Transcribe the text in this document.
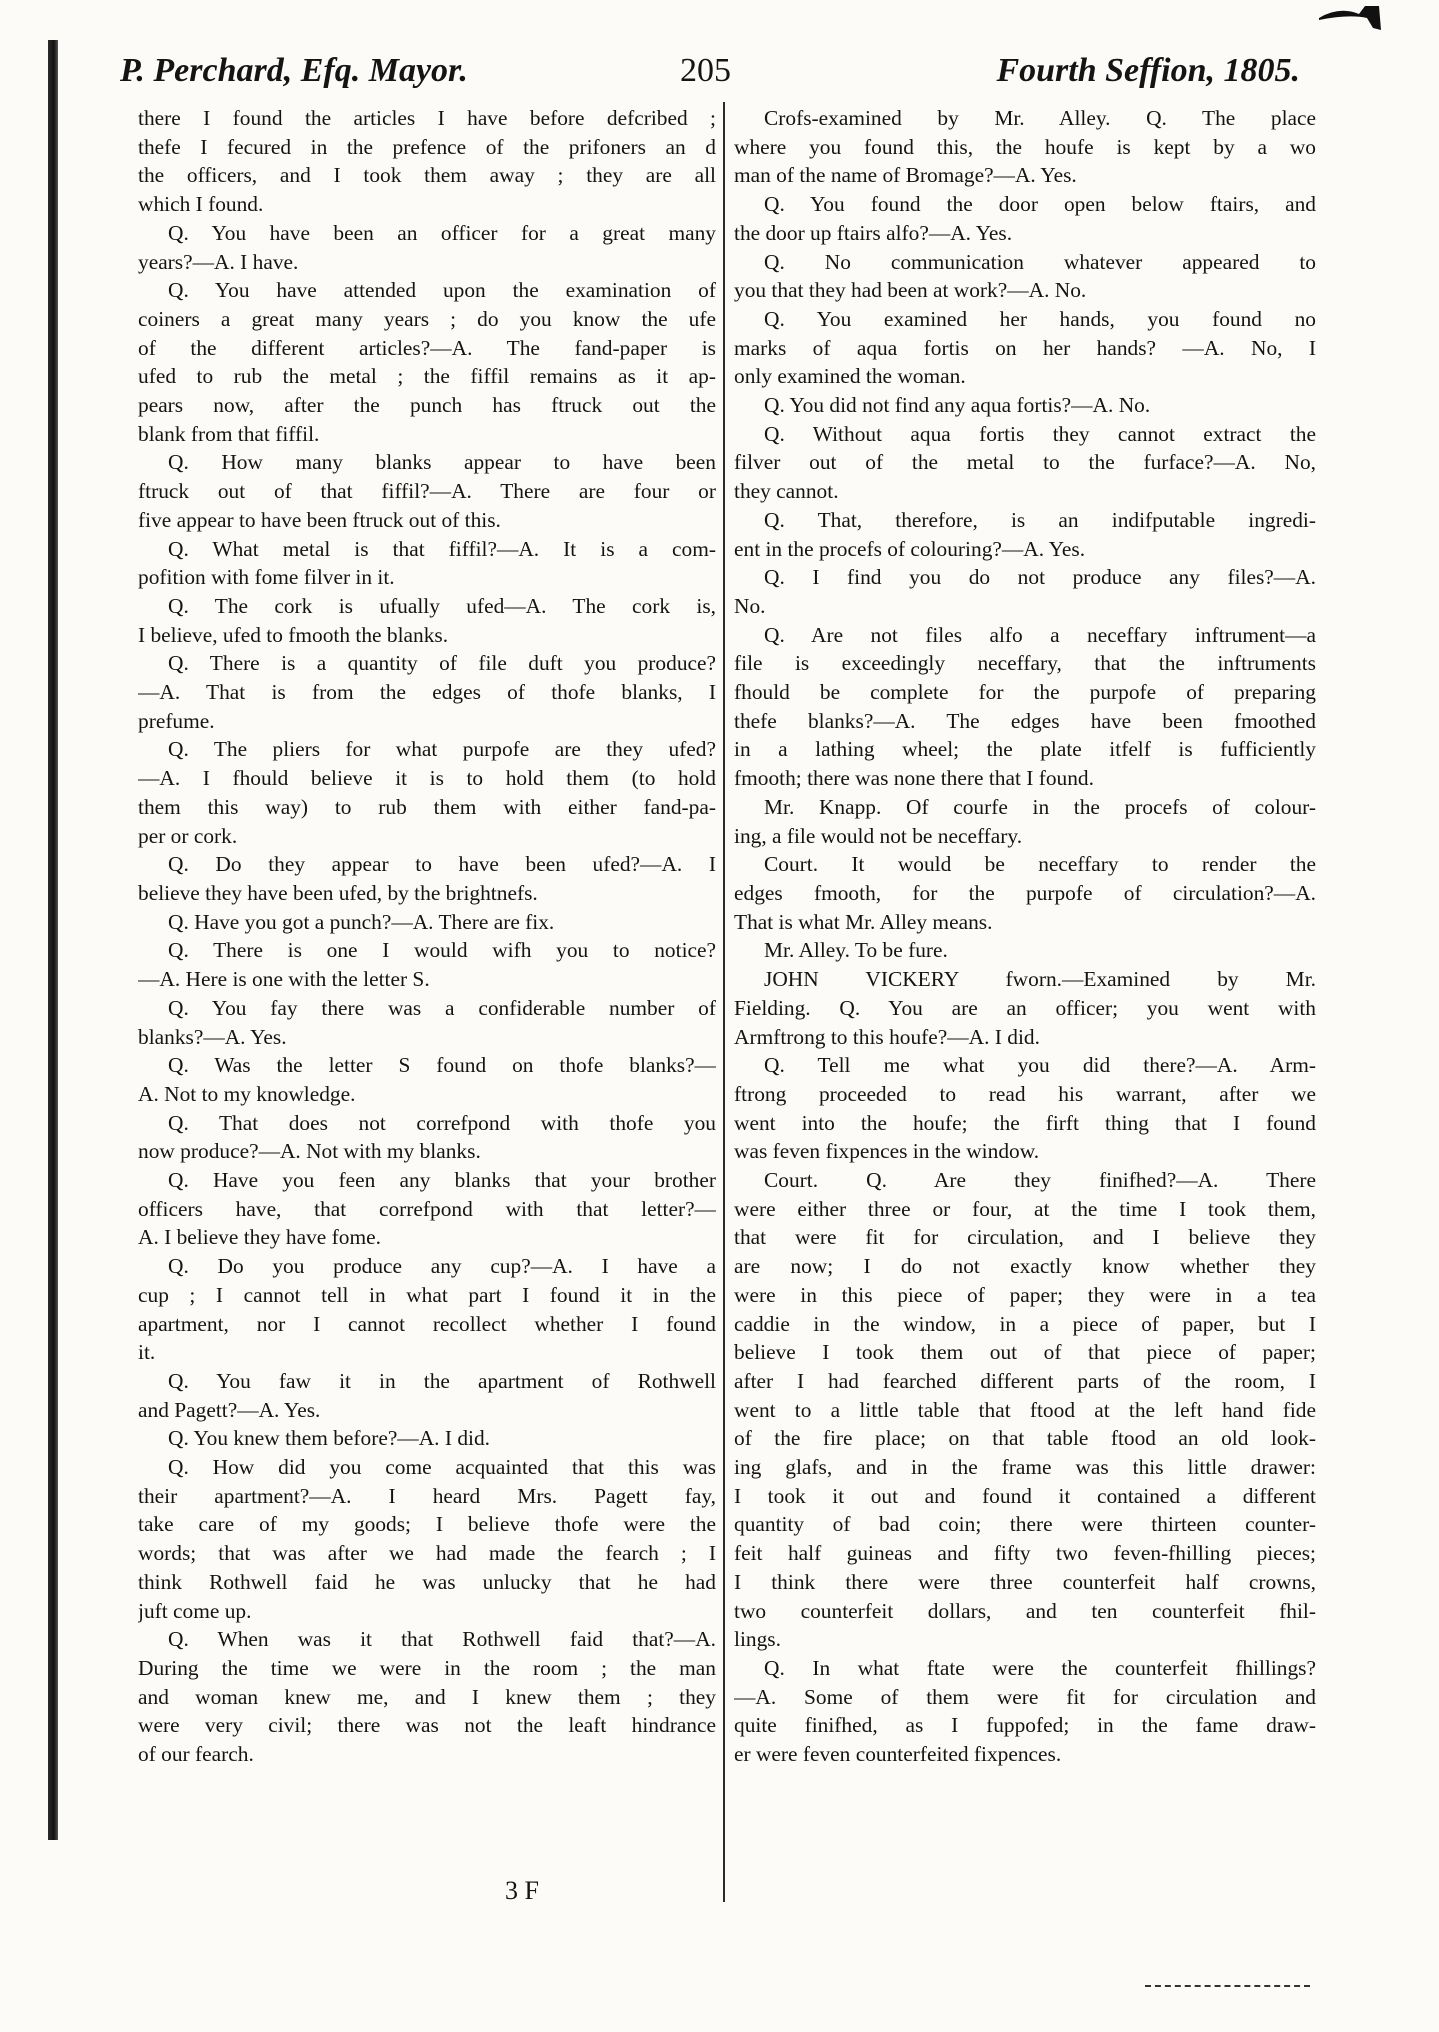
P. Perchard, Efq. Mayor.	205	Fourth Seffion, 1805.
there I found the articles I have before defcribed ;
thefe I fecured in the prefence of the prifoners an d
the officers, and I took them away ; they are all
which I found.
Q. You have been an officer for a great many
years?—A. I have.
Q. You have attended upon the examination of
coiners a great many years ; do you know the ufe
of the different articles?—A. The fand-paper is
ufed to rub the metal ; the fiffil remains as it ap-
pears now, after the punch has ftruck out the
blank from that fiffil.
Q. How many blanks appear to have been
ftruck out of that fiffil?—A. There are four or
five appear to have been ftruck out of this.
Q. What metal is that fiffil?—A. It is a com-
pofition with fome filver in it.
Q. The cork is ufually ufed—A. The cork is,
I believe, ufed to fmooth the blanks.
Q. There is a quantity of file duft you produce?
—A. That is from the edges of thofe blanks, I
prefume.
Q. The pliers for what purpofe are they ufed?
—A. I fhould believe it is to hold them (to hold
them this way) to rub them with either fand-pa-
per or cork.
Q. Do they appear to have been ufed?—A. I
believe they have been ufed, by the brightnefs.
Q. Have you got a punch?—A. There are fix.
Q. There is one I would wifh you to notice?
—A. Here is one with the letter S.
Q. You fay there was a confiderable number of
blanks?—A. Yes.
Q. Was the letter S found on thofe blanks?—
A. Not to my knowledge.
Q. That does not correfpond with thofe you
now produce?—A. Not with my blanks.
Q. Have you feen any blanks that your brother
officers have, that correfpond with that letter?—
A. I believe they have fome.
Q. Do you produce any cup?—A. I have a
cup ; I cannot tell in what part I found it in the
apartment, nor I cannot recollect whether I found
it.
Q. You faw it in the apartment of Rothwell
and Pagett?—A. Yes.
Q. You knew them before?—A. I did.
Q. How did you come acquainted that this was
their apartment?—A. I heard Mrs. Pagett fay,
take care of my goods; I believe thofe were the
words; that was after we had made the fearch ; I
think Rothwell faid he was unlucky that he had
juft come up.
Q. When was it that Rothwell faid that?—A.
During the time we were in the room ; the man
and woman knew me, and I knew them ; they
were very civil; there was not the leaft hindrance
of our fearch.
Crofs-examined by Mr. Alley. Q. The place
where you found this, the houfe is kept by a wo
man of the name of Bromage?—A. Yes.
Q. You found the door open below ftairs, and
the door up ftairs alfo?—A. Yes.
Q. No communication whatever appeared to
you that they had been at work?—A. No.
Q. You examined her hands, you found no
marks of aqua fortis on her hands? —A. No, I
only examined the woman.
Q. You did not find any aqua fortis?—A. No.
Q. Without aqua fortis they cannot extract the
filver out of the metal to the furface?—A. No,
they cannot.
Q. That, therefore, is an indifputable ingredi-
ent in the procefs of colouring?—A. Yes.
Q. I find you do not produce any files?—A.
No.
Q. Are not files alfo a neceffary inftrument—a
file is exceedingly neceffary, that the inftruments
fhould be complete for the purpofe of preparing
thefe blanks?—A. The edges have been fmoothed
in a lathing wheel; the plate itfelf is fufficiently
fmooth; there was none there that I found.
Mr. Knapp. Of courfe in the procefs of colour-
ing, a file would not be neceffary.
Court. It would be neceffary to render the
edges fmooth, for the purpofe of circulation?—A.
That is what Mr. Alley means.
Mr. Alley. To be fure.
JOHN VICKERY fworn.—Examined by Mr.
Fielding. Q. You are an officer; you went with
Armftrong to this houfe?—A. I did.
Q. Tell me what you did there?—A. Arm-
ftrong proceeded to read his warrant, after we
went into the houfe; the firft thing that I found
was feven fixpences in the window.
Court. Q. Are they finifhed?—A. There
were either three or four, at the time I took them,
that were fit for circulation, and I believe they
are now; I do not exactly know whether they
were in this piece of paper; they were in a tea
caddie in the window, in a piece of paper, but I
believe I took them out of that piece of paper;
after I had fearched different parts of the room, I
went to a little table that ftood at the left hand fide
of the fire place; on that table ftood an old look-
ing glafs, and in the frame was this little drawer:
I took it out and found it contained a different
quantity of bad coin; there were thirteen counter-
feit half guineas and fifty two feven-fhilling pieces;
I think there were three counterfeit half crowns,
two counterfeit dollars, and ten counterfeit fhil-
lings.
Q. In what ftate were the counterfeit fhillings?
—A. Some of them were fit for circulation and
quite finifhed, as I fuppofed; in the fame draw-
er were feven counterfeited fixpences.
3 F
